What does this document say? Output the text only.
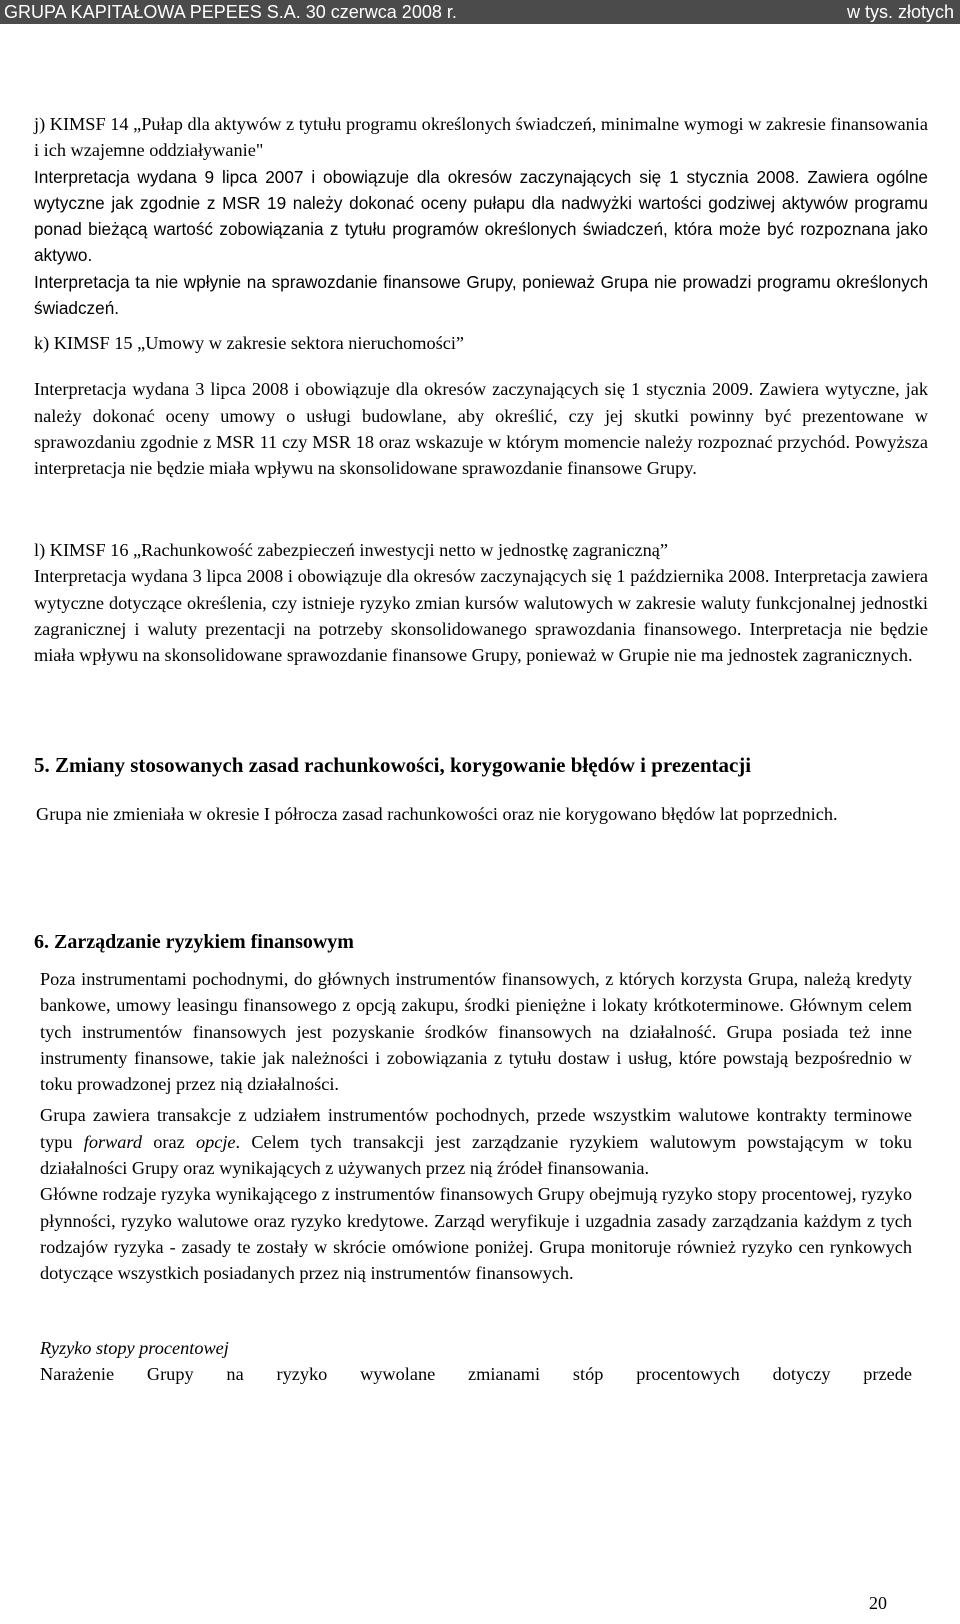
GRUPA KAPITAŁOWA PEPEES S.A. 30 czerwca 2008 r.	w tys. złotych

j) KIMSF 14 „Pułap dla aktywów z tytułu programu określonych świadczeń, minimalne wymogi w zakresie finansowania i ich wzajemne oddziaływanie"

Interpretacja wydana 9 lipca 2007 i obowiązuje dla okresów zaczynających się 1 stycznia 2008. Zawiera ogólne wytyczne jak zgodnie z MSR 19 należy dokonać oceny pułapu dla nadwyżki wartości godziwej aktywów programu ponad bieżącą wartość zobowiązania z tytułu programów określonych świadczeń, która może być rozpoznana jako aktywo.

Interpretacja ta nie wpłynie na sprawozdanie finansowe Grupy, ponieważ Grupa nie prowadzi programu określonych świadczeń.

k) KIMSF 15 „Umowy w zakresie sektora nieruchomości”

Interpretacja wydana 3 lipca 2008 i obowiązuje dla okresów zaczynających się 1 stycznia 2009. Zawiera wytyczne, jak należy dokonać oceny umowy o usługi budowlane, aby określić, czy jej skutki powinny być prezentowane w sprawozdaniu zgodnie z MSR 11 czy MSR 18 oraz wskazuje w którym momencie należy rozpoznać przychód. Powyższa interpretacja nie będzie miała wpływu na skonsolidowane sprawozdanie finansowe Grupy.

l) KIMSF 16 „Rachunkowość zabezpieczeń inwestycji netto w jednostkę zagraniczną”

Interpretacja wydana 3 lipca 2008 i obowiązuje dla okresów zaczynających się 1 października 2008. Interpretacja zawiera wytyczne dotyczące określenia, czy istnieje ryzyko zmian kursów walutowych w zakresie waluty funkcjonalnej jednostki zagranicznej i waluty prezentacji na potrzeby skonsolidowanego sprawozdania finansowego. Interpretacja nie będzie miała wpływu na skonsolidowane sprawozdanie finansowe Grupy, ponieważ w Grupie nie ma jednostek zagranicznych.

5. Zmiany stosowanych zasad rachunkowości, korygowanie błędów i prezentacji

Grupa nie zmieniała w okresie I półrocza zasad rachunkowości oraz nie korygowano błędów lat poprzednich.

6. Zarządzanie ryzykiem finansowym

Poza instrumentami pochodnymi, do głównych instrumentów finansowych, z których korzysta Grupa, należą kredyty bankowe, umowy leasingu finansowego z opcją zakupu, środki pieniężne i lokaty krótkoterminowe. Głównym celem tych instrumentów finansowych jest pozyskanie środków finansowych na działalność. Grupa posiada też inne instrumenty finansowe, takie jak należności i zobowiązania z tytułu dostaw i usług, które powstają bezpośrednio w toku prowadzonej przez nią działalności.

Grupa zawiera transakcje z udziałem instrumentów pochodnych, przede wszystkim walutowe kontrakty terminowe typu forward oraz opcje. Celem tych transakcji jest zarządzanie ryzykiem walutowym powstającym w toku działalności Grupy oraz wynikających z używanych przez nią źródeł finansowania.

Główne rodzaje ryzyka wynikającego z instrumentów finansowych Grupy obejmują ryzyko stopy procentowej, ryzyko płynności, ryzyko walutowe oraz ryzyko kredytowe. Zarząd weryfikuje i uzgadnia zasady zarządzania każdym z tych rodzajów ryzyka - zasady te zostały w skrócie omówione poniżej. Grupa monitoruje również ryzyko cen rynkowych dotyczące wszystkich posiadanych przez nią instrumentów finansowych.

Ryzyko stopy procentowej

Narażenie Grupy na ryzyko wywolane zmianami stóp procentowych dotyczy przede

20
